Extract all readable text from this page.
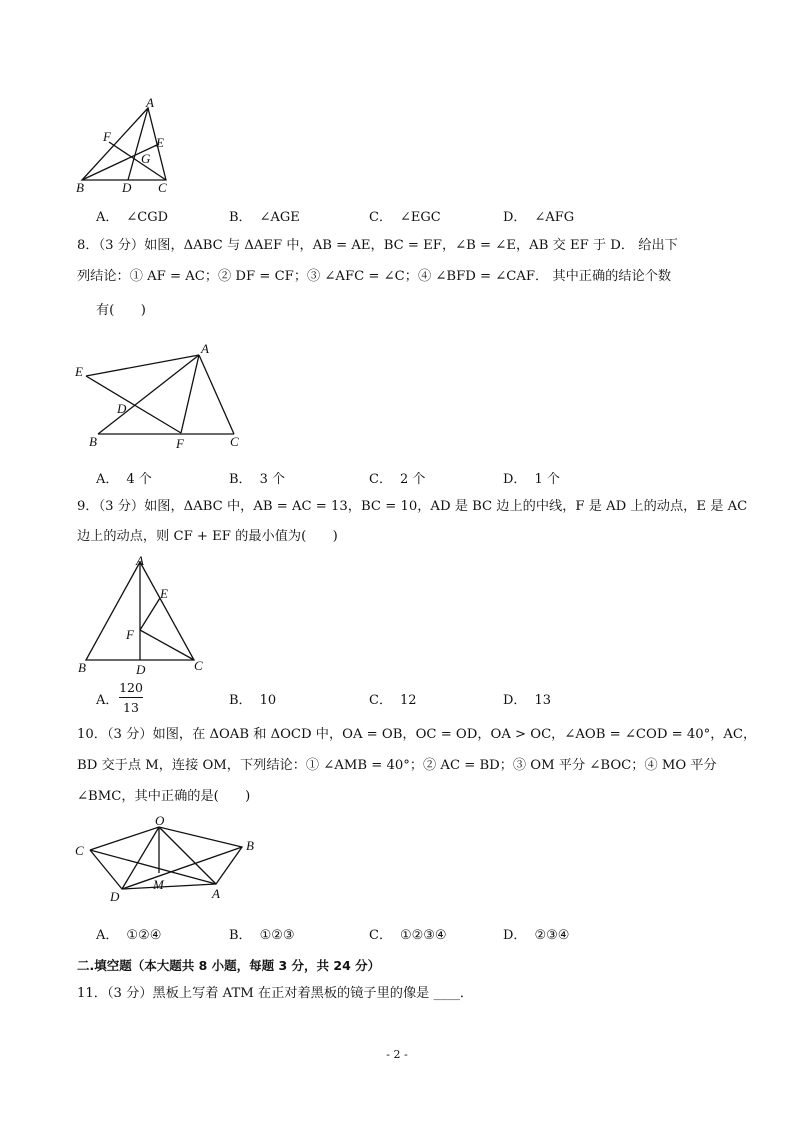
A
F	E
G
B	D C
A． ∠CGD	B． ∠AGE	C． ∠EGC	D． ∠AFG
8．（3 分）如图，ΔABC 与 ΔAEF 中，AB = AE，BC = EF，∠B = ∠E，AB 交 EF 于 D． 给出下
列结论：① AF = AC；② DF = CF；③ ∠AFC = ∠C；④ ∠BFD = ∠CAF． 其中正确的结论个数
有(　　)
A
E
D
B	F	C
A． 4 个	B． 3 个	C． 2 个	D． 1 个
9．（3 分）如图，ΔABC 中，AB = AC = 13，BC = 10，AD 是 BC 边上的中线，F 是 AD 上的动点，E 是 AC
边上的动点，则 CF + EF 的最小值为(　　)
A
E
F
B	D	C
A．
120
13	B． 10	C． 12	D． 13
10．（3 分）如图，在 ΔOAB 和 ΔOCD 中，OA = OB，OC = OD，OA > OC，∠AOB = ∠COD = 40°，AC，
BD 交于点 M，连接 OM，下列结论：① ∠AMB = 40°；② AC = BD；③ OM 平分 ∠BOC；④ MO 平分
∠BMC，其中正确的是(　　)
O
C	B
D
M
A
A． ①②④	B． ①②③	C． ①②③④	D． ②③④
二.填空题（本大题共 8 小题，每题 3 分，共 24 分）
11．（3 分）黑板上写着 ATM 在正对着黑板的镜子里的像是 ____．
- 2 -
